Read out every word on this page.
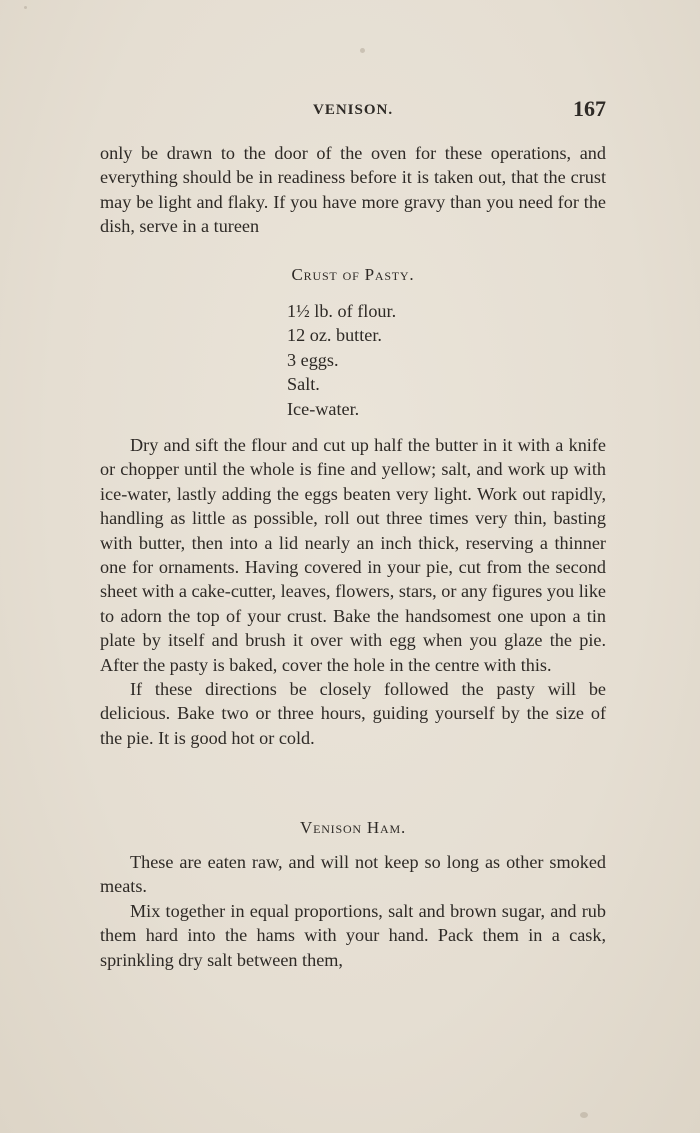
VENISON.	167

only be drawn to the door of the oven for these operations, and everything should be in readiness before it is taken out, that the crust may be light and flaky. If you have more gravy than you need for the dish, serve in a tureen

Crust of Pasty.
1½ lb. of flour.
12 oz. butter.
3 eggs.
Salt.
Ice-water.

Dry and sift the flour and cut up half the butter in it with a knife or chopper until the whole is fine and yellow; salt, and work up with ice-water, lastly adding the eggs beaten very light. Work out rapidly, handling as little as possible, roll out three times very thin, basting with butter, then into a lid nearly an inch thick, reserving a thinner one for ornaments. Having covered in your pie, cut from the second sheet with a cake-cutter, leaves, flowers, stars, or any figures you like to adorn the top of your crust. Bake the handsomest one upon a tin plate by itself and brush it over with egg when you glaze the pie. After the pasty is baked, cover the hole in the centre with this.

If these directions be closely followed the pasty will be delicious. Bake two or three hours, guiding yourself by the size of the pie. It is good hot or cold.

Venison Ham.

These are eaten raw, and will not keep so long as other smoked meats.

Mix together in equal proportions, salt and brown sugar, and rub them hard into the hams with your hand. Pack them in a cask, sprinkling dry salt between them,
